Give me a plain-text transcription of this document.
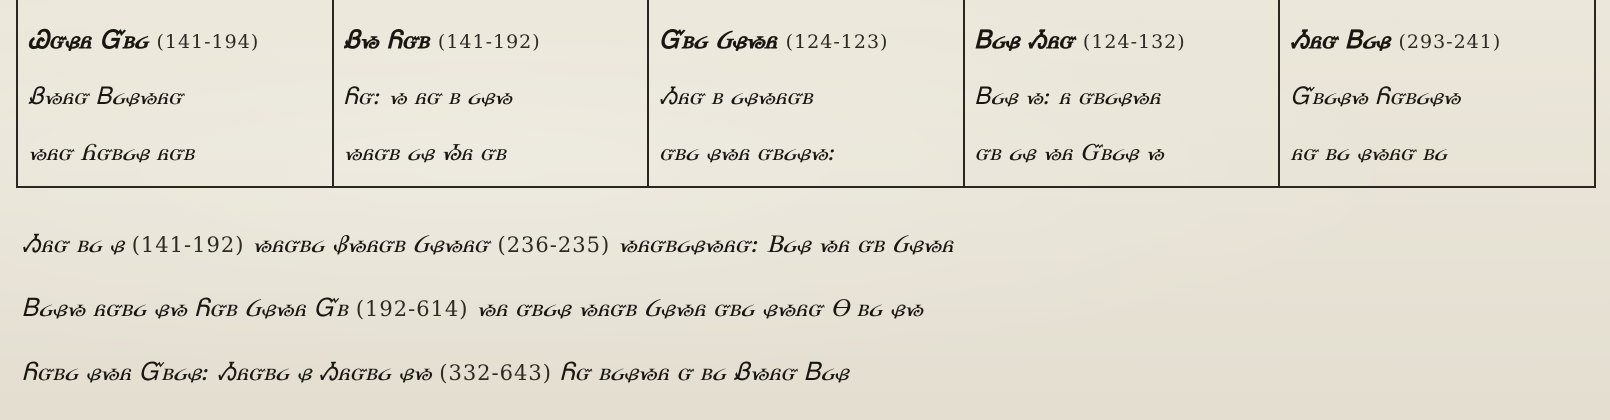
Ꮚᏻᏸᏺ Ᏻᏼᏽ (141-194)
Ᏸᏹᏺᏻ Ᏼᏽᏸᏹᏺᏻ
ᏹᏺᏻ Ᏺᏻᏼᏽᏸ ᏺᏻᏼ
Ᏸᏹ Ᏺᏻᏼ (141-192)
Ᏺᏻ: ᏹ ᏺᏻ ᏼ ᏽᏸᏹ
ᏹᏺᏻᏼ ᏽᏸ Ᏹᏺ ᏻᏼ
Ᏻᏼᏽ Ᏽᏸᏹᏺ (124-123)
Ᏹᏺᏻ ᏼ ᏽᏸᏹᏺᏻᏼ
ᏻᏼᏽ ᏸᏹᏺ ᏻᏼᏽᏸᏹ:
Ᏼᏽᏸ Ᏹᏺᏻ (124-132)
Ᏼᏽᏸ ᏹ: ᏺ ᏻᏼᏽᏸᏹᏺ
ᏻᏼ ᏽᏸ ᏹᏺ Ᏻᏼᏽᏸ ᏹ
Ᏹᏺᏻ Ᏼᏽᏸ (293-241)
Ᏻᏼᏽᏸᏹ Ᏺᏻᏼᏽᏸᏹ
ᏺᏻ ᏼᏽ ᏸᏹᏺᏻ ᏼᏽ
Ᏹᏺᏻ ᏼᏽ ᏸ (141-192) ᏹᏺᏻᏼᏽ Ᏸᏹᏺᏻᏼ Ᏽᏸᏹᏺᏻ (236-235) ᏹᏺᏻᏼᏽᏸᏹᏺᏻ: Ᏼᏽᏸ ᏹᏺ ᏻᏼ Ᏽᏸᏹᏺ
Ᏼᏽᏸᏹ ᏺᏻᏼᏽ ᏸᏹ Ᏺᏻᏼ Ᏽᏸᏹᏺ Ᏻᏼ (192-614) ᏹᏺ ᏻᏼᏽᏸ ᏹᏺᏻᏼ Ᏽᏸᏹᏺ ᏻᏼᏽ ᏸᏹᏺᏻ Ꮎ ᏼᏽ ᏸᏹ
Ᏺᏻᏼᏽ ᏸᏹᏺ Ᏻᏼᏽᏸ: Ᏹᏺᏻᏼᏽ ᏸ Ᏹᏺᏻᏼᏽ ᏸᏹ (332-643) Ᏺᏻ ᏼᏽᏸᏹᏺ ᏻ ᏼᏽ Ᏸᏹᏺᏻ Ᏼᏽᏸ
